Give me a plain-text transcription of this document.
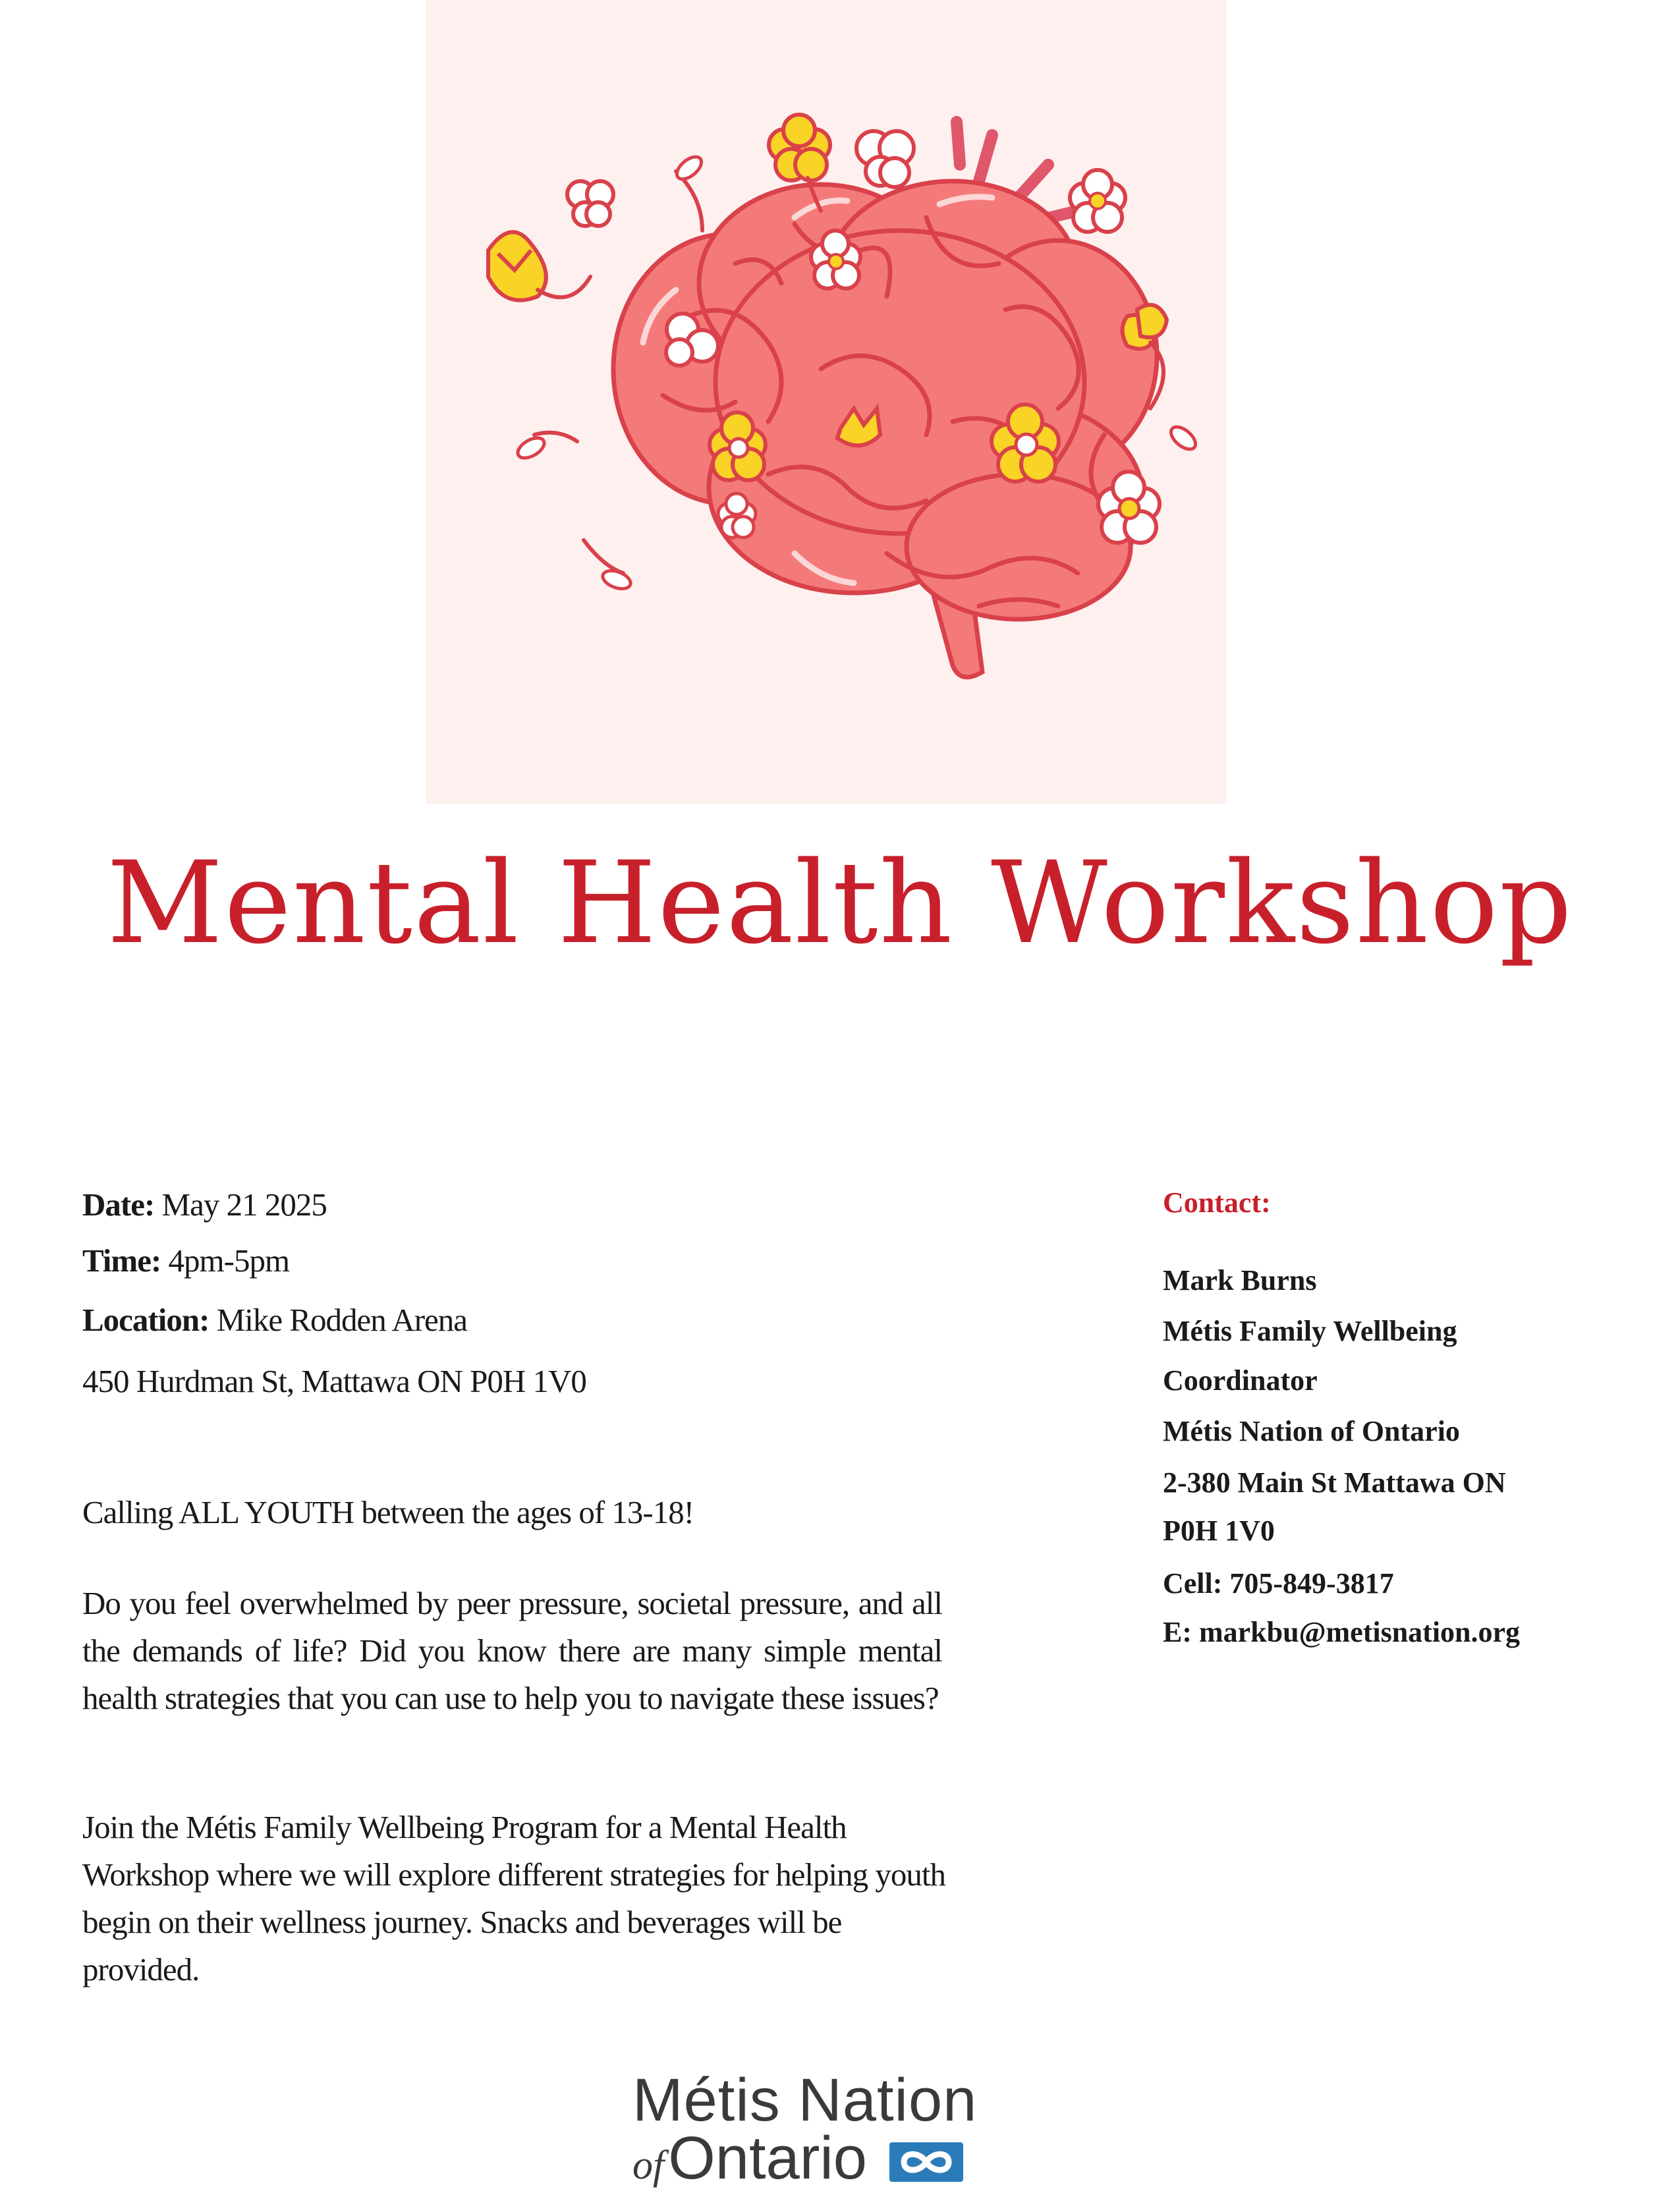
Mental Health Workshop
Date: May 21 2025
Time: 4pm-5pm
Location: Mike Rodden Arena
450 Hurdman St, Mattawa ON P0H 1V0
Calling ALL YOUTH between the ages of 13-18!
Do you feel overwhelmed by peer pressure, societal pressure, and all the demands of life? Did you know there are many simple mental health strategies that you can use to help you to navigate these issues?
Join the Métis Family Wellbeing Program for a Mental Health Workshop where we will explore different strategies for helping youth begin on their wellness journey. Snacks and beverages will be provided.
Contact:
Mark Burns
Métis Family Wellbeing
Coordinator
Métis Nation of Ontario
2-380 Main St Mattawa ON
P0H 1V0
Cell: 705-849-3817
E: markbu@metisnation.org
Métis Nation
ofOntario
